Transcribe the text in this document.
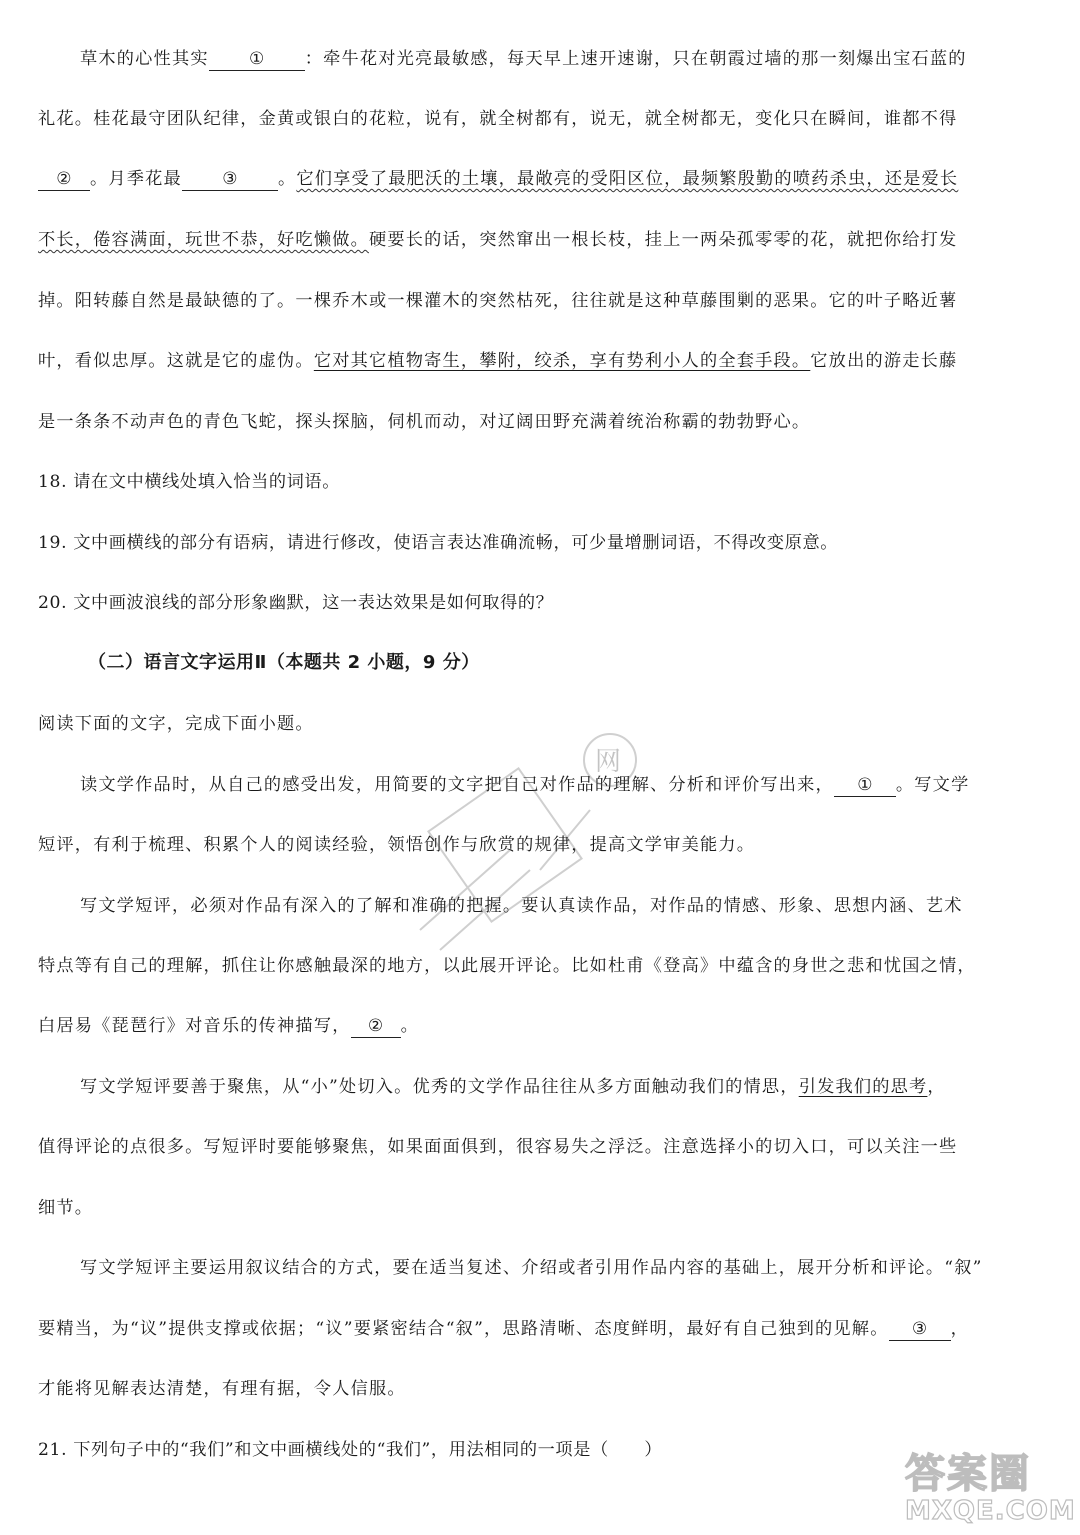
草木的心性其实 ① ：牵牛花对光亮最敏感，每天早上速开速谢，只在朝霞过墙的那一刻爆出宝石蓝的
礼花。桂花最守团队纪律，金黄或银白的花粒，说有，就全树都有，说无，就全树都无，变化只在瞬间，谁都不得
② 。月季花最 ③ 。它们享受了最肥沃的土壤，最敞亮的受阳区位，最频繁殷勤的喷药杀虫，还是爱长
不长，倦容满面，玩世不恭，好吃懒做。硬要长的话，突然窜出一根长枝，挂上一两朵孤零零的花，就把你给打发
掉。阳转藤自然是最缺德的了。一棵乔木或一棵灌木的突然枯死，往往就是这种草藤围剿的恶果。它的叶子略近薯
叶，看似忠厚。这就是它的虚伪。它对其它植物寄生，攀附，绞杀，享有势利小人的全套手段。它放出的游走长藤
是一条条不动声色的青色飞蛇，探头探脑，伺机而动，对辽阔田野充满着统治称霸的勃勃野心。
18. 请在文中横线处填入恰当的词语。
19. 文中画横线的部分有语病，请进行修改，使语言表达准确流畅，可少量增删词语，不得改变原意。
20. 文中画波浪线的部分形象幽默，这一表达效果是如何取得的？
（二）语言文字运用Ⅱ（本题共 2 小题，9 分）
阅读下面的文字，完成下面小题。
读文学作品时，从自己的感受出发，用简要的文字把自己对作品的理解、分析和评价写出来， ① 。写文学
短评，有利于梳理、积累个人的阅读经验，领悟创作与欣赏的规律，提高文学审美能力。
写文学短评，必须对作品有深入的了解和准确的把握。要认真读作品，对作品的情感、形象、思想内涵、艺术
特点等有自己的理解，抓住让你感触最深的地方，以此展开评论。比如杜甫《登高》中蕴含的身世之悲和忧国之情，
白居易《琵琶行》对音乐的传神描写， ② 。
写文学短评要善于聚焦，从“小”处切入。优秀的文学作品往往从多方面触动我们的情思，引发我们的思考，
值得评论的点很多。写短评时要能够聚焦，如果面面俱到，很容易失之浮泛。注意选择小的切入口，可以关注一些
细节。
写文学短评主要运用叙议结合的方式，要在适当复述、介绍或者引用作品内容的基础上，展开分析和评论。“叙”
要精当，为“议”提供支撑或依据；“议”要紧密结合“叙”，思路清晰、态度鲜明，最好有自己独到的见解。 ③ ，
才能将见解表达清楚，有理有据，令人信服。
21. 下列句子中的“我们”和文中画横线处的“我们”，用法相同的一项是（　　）
网
答案圈
MXQE.COM
